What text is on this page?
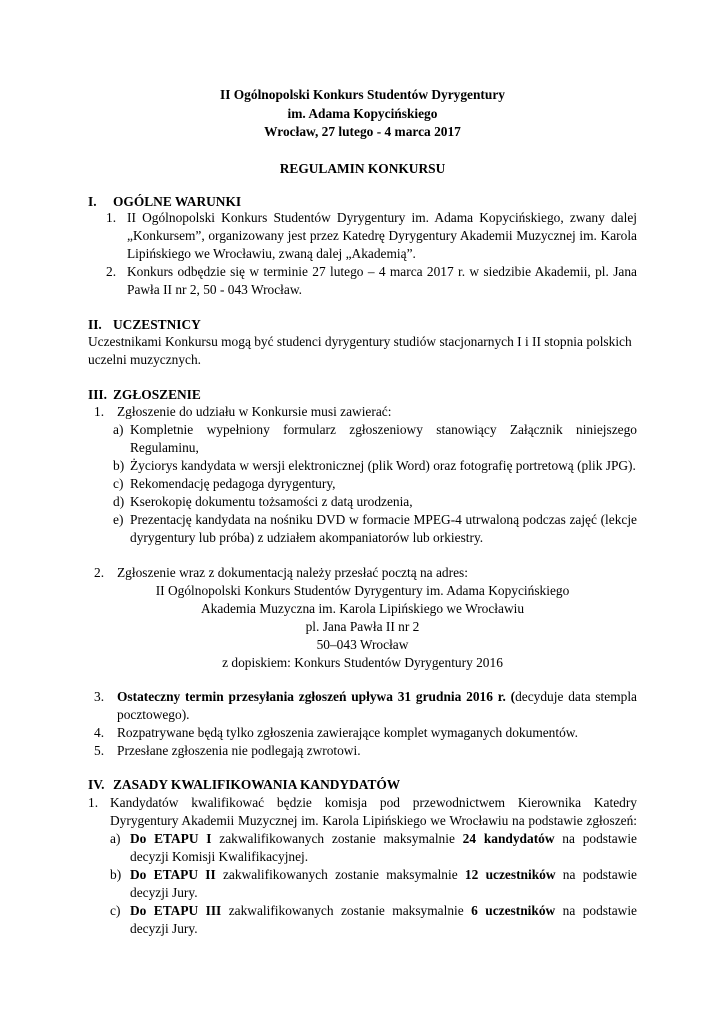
II Ogólnopolski Konkurs Studentów Dyrygentury
im. Adama Kopycińskiego
Wrocław, 27 lutego - 4 marca 2017
REGULAMIN KONKURSU
I. OGÓLNE WARUNKI
1. II Ogólnopolski Konkurs Studentów Dyrygentury im. Adama Kopycińskiego, zwany dalej
„Konkursem”, organizowany jest przez Katedrę Dyrygentury Akademii Muzycznej im. Karola
Lipińskiego we Wrocławiu, zwaną dalej „Akademią”.
2. Konkurs odbędzie się w terminie 27 lutego – 4 marca 2017 r. w siedzibie Akademii, pl. Jana
Pawła II nr 2, 50 - 043 Wrocław.
II. UCZESTNICY
Uczestnikami Konkursu mogą być studenci dyrygentury studiów stacjonarnych I i II stopnia polskich
uczelni muzycznych.
III. ZGŁOSZENIE
1. Zgłoszenie do udziału w Konkursie musi zawierać:
a) Kompletnie wypełniony formularz zgłoszeniowy stanowiący Załącznik niniejszego
Regulaminu,
b) Życiorys kandydata w wersji elektronicznej (plik Word) oraz fotografię portretową (plik JPG).
c) Rekomendację pedagoga dyrygentury,
d) Kserokopię dokumentu tożsamości z datą urodzenia,
e) Prezentację kandydata na nośniku DVD w formacie MPEG-4 utrwaloną podczas zajęć (lekcje
dyrygentury lub próba) z udziałem akompaniatorów lub orkiestry.
2. Zgłoszenie wraz z dokumentacją należy przesłać pocztą na adres:
II Ogólnopolski Konkurs Studentów Dyrygentury im. Adama Kopycińskiego
Akademia Muzyczna im. Karola Lipińskiego we Wrocławiu
pl. Jana Pawła II nr 2
50–043 Wrocław
z dopiskiem: Konkurs Studentów Dyrygentury 2016
3. Ostateczny termin przesyłania zgłoszeń upływa 31 grudnia 2016 r. (decyduje data stempla
pocztowego).
4. Rozpatrywane będą tylko zgłoszenia zawierające komplet wymaganych dokumentów.
5. Przesłane zgłoszenia nie podlegają zwrotowi.
IV. ZASADY KWALIFIKOWANIA KANDYDATÓW
1. Kandydatów kwalifikować będzie komisja pod przewodnictwem Kierownika Katedry
Dyrygentury Akademii Muzycznej im. Karola Lipińskiego we Wrocławiu na podstawie zgłoszeń:
a) Do ETAPU I zakwalifikowanych zostanie maksymalnie 24 kandydatów na podstawie
decyzji Komisji Kwalifikacyjnej.
b) Do ETAPU II zakwalifikowanych zostanie maksymalnie 12 uczestników na podstawie
decyzji Jury.
c) Do ETAPU III zakwalifikowanych zostanie maksymalnie 6 uczestników na podstawie
decyzji Jury.
